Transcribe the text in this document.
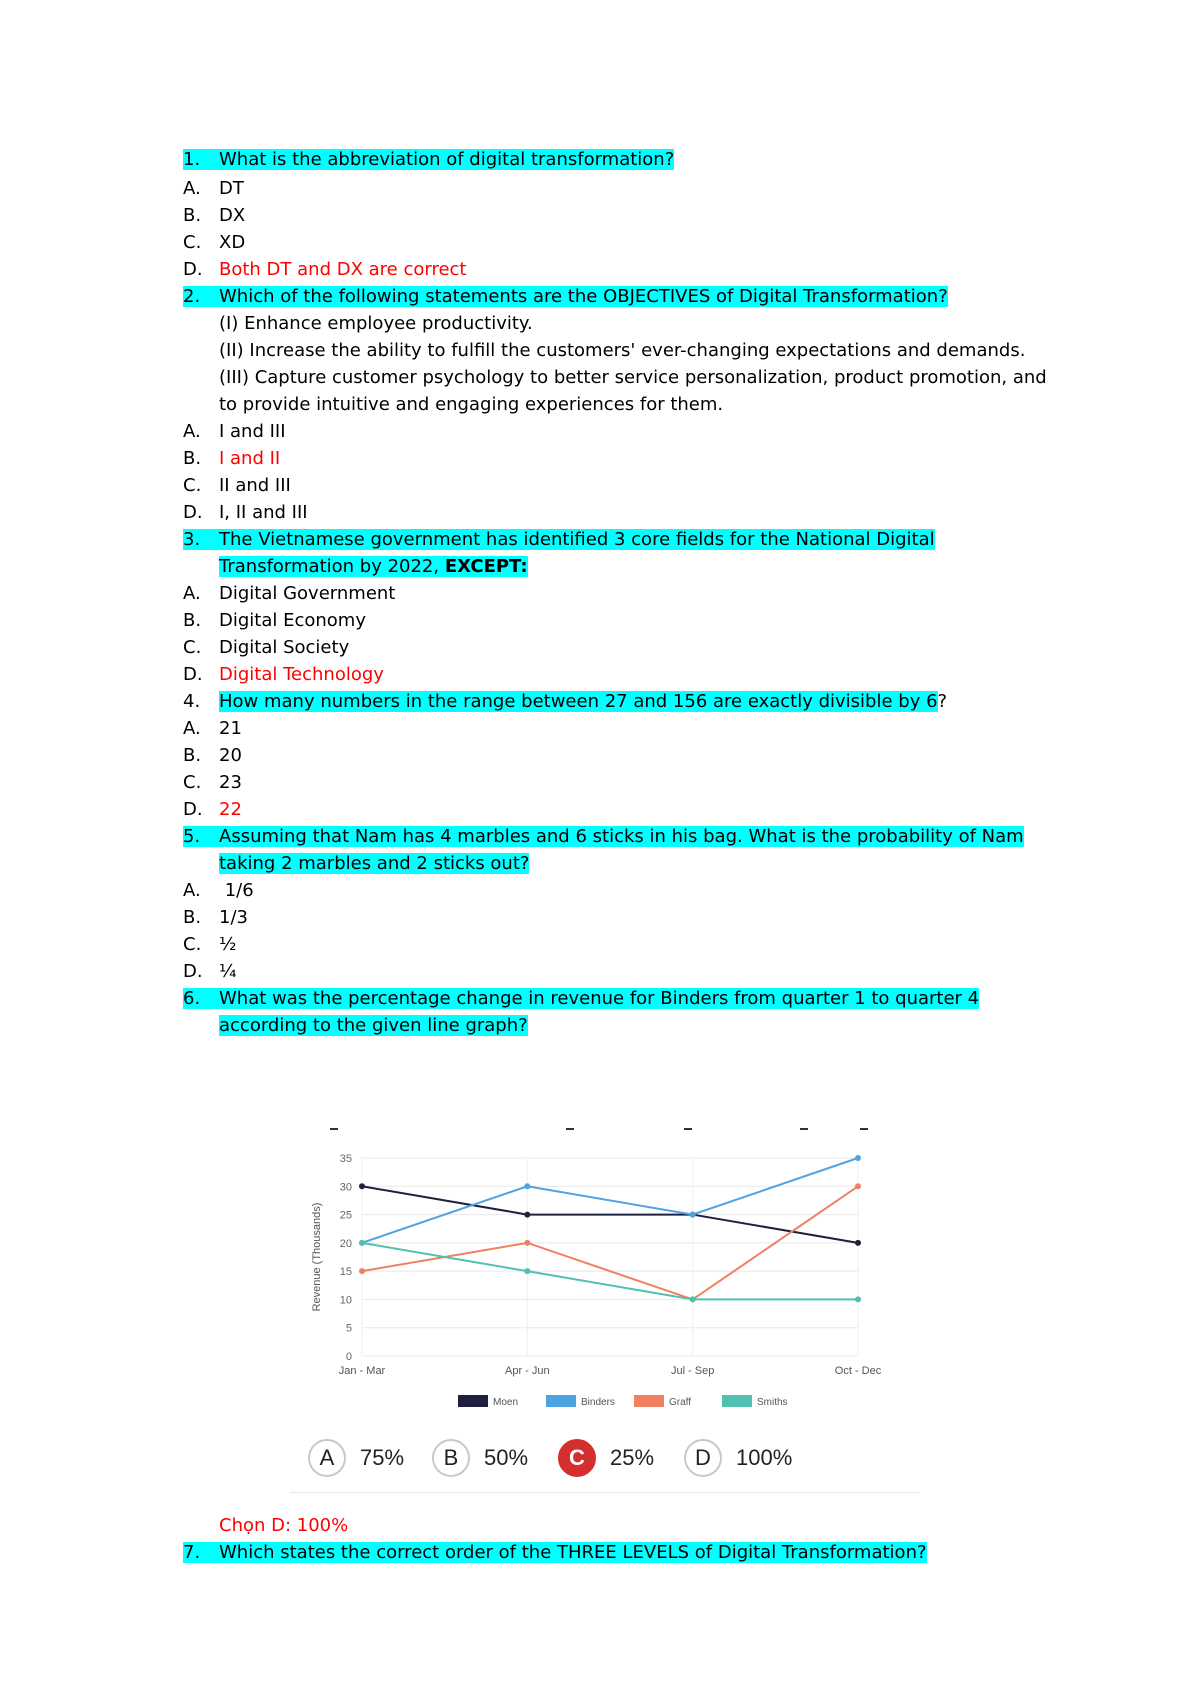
1. What is the abbreviation of digital transformation?
A. DT
B. DX
C. XD
D. Both DT and DX are correct
2. Which of the following statements are the OBJECTIVES of Digital Transformation?
(I) Enhance employee productivity.
(II) Increase the ability to fulfill the customers' ever-changing expectations and demands.
(III) Capture customer psychology to better service personalization, product promotion, and
to provide intuitive and engaging experiences for them.
A. I and III
B. I and II
C. II and III
D. I, II and III
3. The Vietnamese government has identified 3 core fields for the National Digital
Transformation by 2022, EXCEPT:
A. Digital Government
B. Digital Economy
C. Digital Society
D. Digital Technology
4. How many numbers in the range between 27 and 156 are exactly divisible by 6?
A. 21
B. 20
C. 23
D. 22
5. Assuming that Nam has 4 marbles and 6 sticks in his bag. What is the probability of Nam
taking 2 marbles and 2 sticks out?
A. 1/6
B. 1/3
C. ½
D. ¼
6. What was the percentage change in revenue for Binders from quarter 1 to quarter 4
according to the given line graph?
0
5
10
15
20
25
30
35
Jan - Mar	Apr - Jun	Jul - Sep	Oct - Dec
Revenue (Thousands)
Moen	Binders	Graff	Smiths
A	75%	B	50%	C	25%	D	100%
Chọn D: 100%
7. Which states the correct order of the THREE LEVELS of Digital Transformation?
